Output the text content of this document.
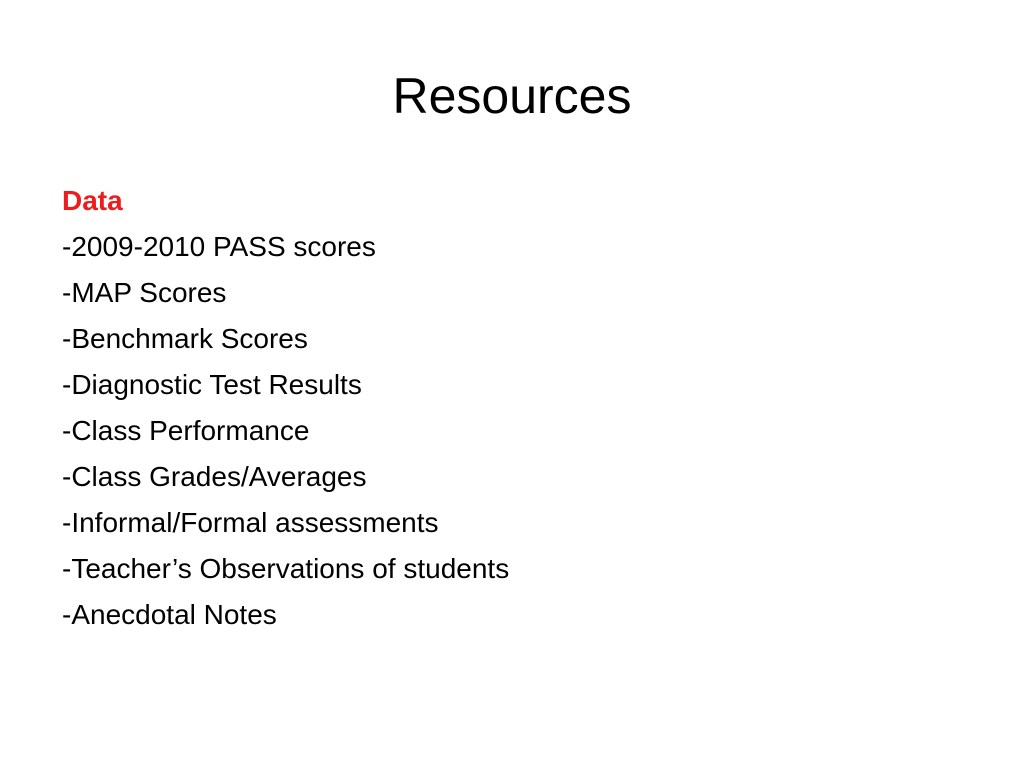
Resources
Data
-2009-2010 PASS scores
-MAP Scores
-Benchmark Scores
-Diagnostic Test Results
-Class Performance
-Class Grades/Averages
-Informal/Formal assessments
-Teacher’s Observations of students
-Anecdotal Notes
